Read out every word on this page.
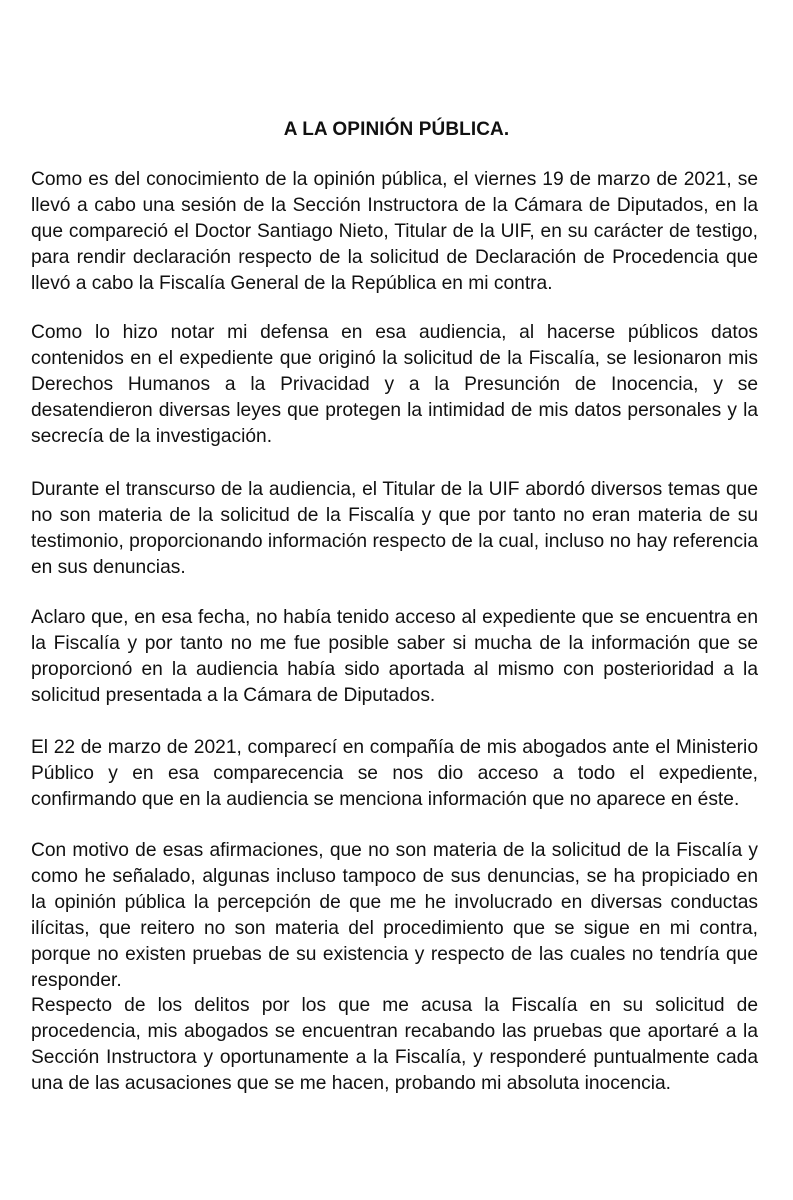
A LA OPINIÓN PÚBLICA.

Como es del conocimiento de la opinión pública, el viernes 19 de marzo de 2021, se llevó a cabo una sesión de la Sección Instructora de la Cámara de Diputados, en la que compareció el Doctor Santiago Nieto, Titular de la UIF, en su carácter de testigo, para rendir declaración respecto de la solicitud de Declaración de Procedencia que llevó a cabo la Fiscalía General de la República en mi contra.

Como lo hizo notar mi defensa en esa audiencia, al hacerse públicos datos contenidos en el expediente que originó la solicitud de la Fiscalía, se lesionaron mis Derechos Humanos a la Privacidad y a la Presunción de Inocencia, y se desatendieron diversas leyes que protegen la intimidad de mis datos personales y la secrecía de la investigación.

Durante el transcurso de la audiencia, el Titular de la UIF abordó diversos temas que no son materia de la solicitud de la Fiscalía y que por tanto no eran materia de su testimonio, proporcionando información respecto de la cual, incluso no hay referencia en sus denuncias.

Aclaro que, en esa fecha, no había tenido acceso al expediente que se encuentra en la Fiscalía y por tanto no me fue posible saber si mucha de la información que se proporcionó en la audiencia había sido aportada al mismo con posterioridad a la solicitud presentada a la Cámara de Diputados.

El 22 de marzo de 2021, comparecí en compañía de mis abogados ante el Ministerio Público y en esa comparecencia se nos dio acceso a todo el expediente, confirmando que en la audiencia se menciona información que no aparece en éste.

Con motivo de esas afirmaciones, que no son materia de la solicitud de la Fiscalía y como he señalado, algunas incluso tampoco de sus denuncias, se ha propiciado en la opinión pública la percepción de que me he involucrado en diversas conductas ilícitas, que reitero no son materia del procedimiento que se sigue en mi contra, porque no existen pruebas de su existencia y respecto de las cuales no tendría que responder.

Respecto de los delitos por los que me acusa la Fiscalía en su solicitud de procedencia, mis abogados se encuentran recabando las pruebas que aportaré a la Sección Instructora y oportunamente a la Fiscalía, y responderé puntualmente cada una de las acusaciones que se me hacen, probando mi absoluta inocencia.
